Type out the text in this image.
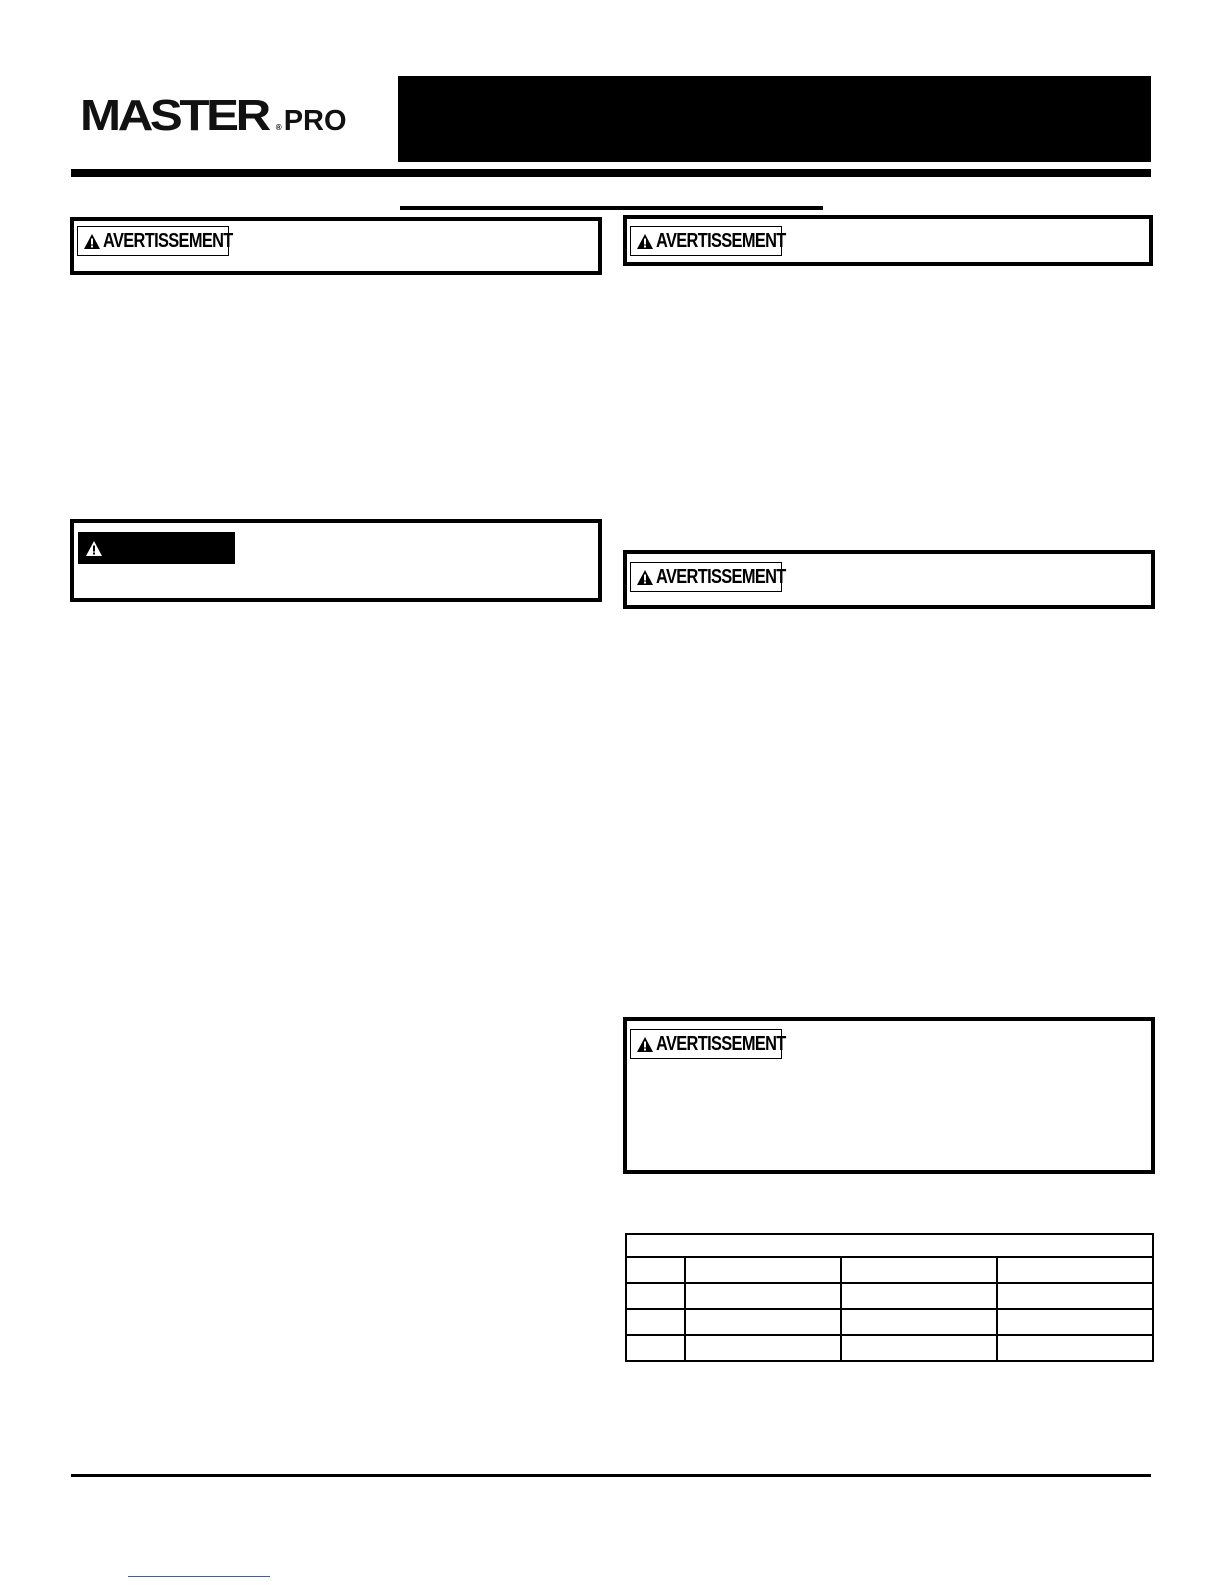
MASTER ® PRO
AVERTISSEMENT	AVERTISSEMENT
AVERTISSEMENT
AVERTISSEMENT
